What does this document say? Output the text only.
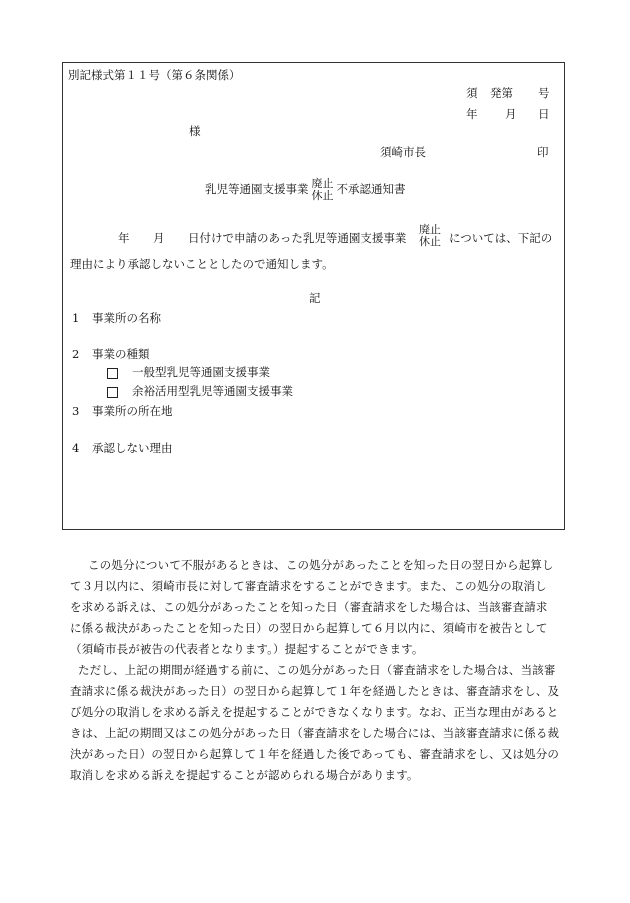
別記様式第１１号（第６条関係）
須 発第 号
年 月 日
様
須崎市長	印
乳児等通園支援事業 廃止
休止 不承認通知書
年 月 日付けで申請のあった乳児等通園支援事業
廃止
休止 については、下記の
理由により承認しないこととしたので通知します。
記
1 事業所の名称
2 事業の種類
一般型乳児等通園支援事業
余裕活用型乳児等通園支援事業
3 事業所の所在地
4 承認しない理由
この処分について不服があるときは、この処分があったことを知った日の翌日から起算し
て３月以内に、須崎市長に対して審査請求をすることができます。また、この処分の取消し
を求める訴えは、この処分があったことを知った日（審査請求をした場合は、当該審査請求
に係る裁決があったことを知った日）の翌日から起算して６月以内に、須崎市を被告として
（須崎市長が被告の代表者となります。）提起することができます。
ただし、上記の期間が経過する前に、この処分があった日（審査請求をした場合は、当該審
査請求に係る裁決があった日）の翌日から起算して１年を経過したときは、審査請求をし、及
び処分の取消しを求める訴えを提起することができなくなります。なお、正当な理由があると
きは、上記の期間又はこの処分があった日（審査請求をした場合には、当該審査請求に係る裁
決があった日）の翌日から起算して１年を経過した後であっても、審査請求をし、又は処分の
取消しを求める訴えを提起することが認められる場合があります。
